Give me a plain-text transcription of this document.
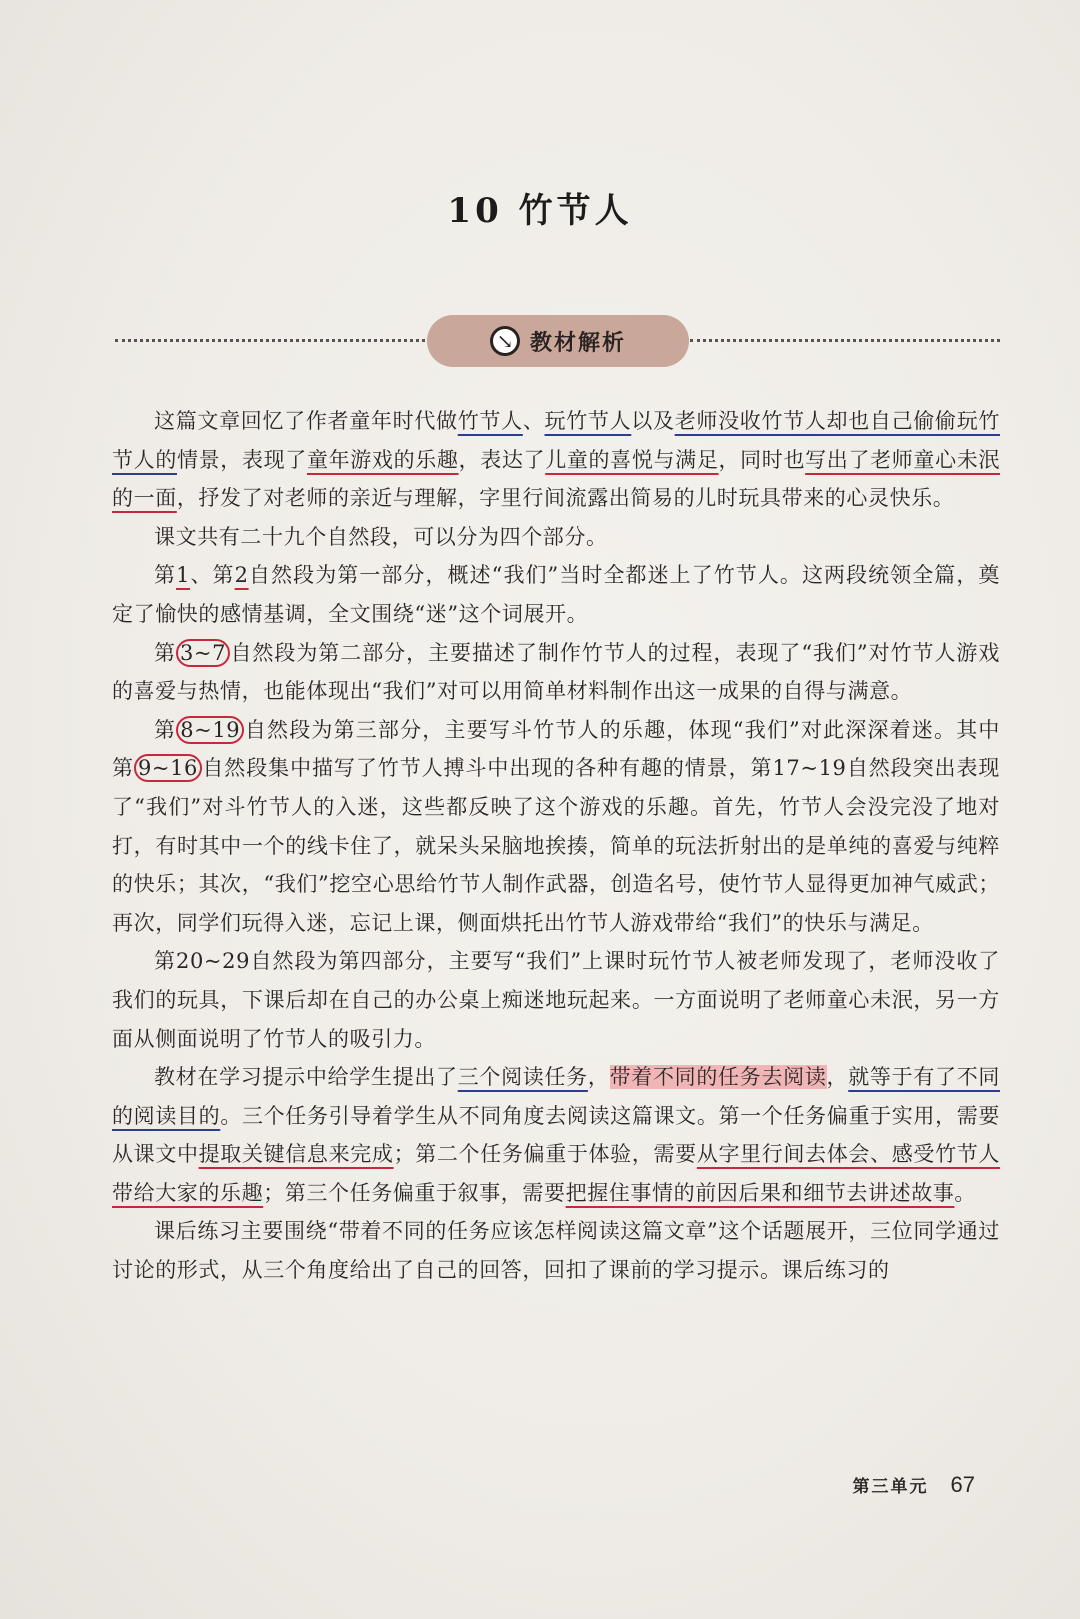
10 竹节人
↘ 教材解析

这篇文章回忆了作者童年时代做竹节人、玩竹节人以及老师没收竹节人却也自己偷偷玩竹节人的情景，表现了童年游戏的乐趣，表达了儿童的喜悦与满足，同时也写出了老师童心未泯的一面，抒发了对老师的亲近与理解，字里行间流露出简易的儿时玩具带来的心灵快乐。

课文共有二十九个自然段，可以分为四个部分。

第1、第2自然段为第一部分，概述“我们”当时全都迷上了竹节人。这两段统领全篇，奠定了愉快的感情基调，全文围绕“迷”这个词展开。

第 3~7 自然段为第二部分，主要描述了制作竹节人的过程，表现了“我们”对竹节人游戏的喜爱与热情，也能体现出“我们”对可以用简单材料制作出这一成果的自得与满意。

第 8~19 自然段为第三部分，主要写斗竹节人的乐趣，体现“我们”对此深深着迷。其中第 9~16 自然段集中描写了竹节人搏斗中出现的各种有趣的情景，第17~19自然段突出表现了“我们”对斗竹节人的入迷，这些都反映了这个游戏的乐趣。首先，竹节人会没完没了地对打，有时其中一个的线卡住了，就呆头呆脑地挨揍，简单的玩法折射出的是单纯的喜爱与纯粹的快乐；其次，“我们”挖空心思给竹节人制作武器，创造名号，使竹节人显得更加神气威武；再次，同学们玩得入迷，忘记上课，侧面烘托出竹节人游戏带给“我们”的快乐与满足。

第20~29自然段为第四部分，主要写“我们”上课时玩竹节人被老师发现了，老师没收了我们的玩具，下课后却在自己的办公桌上痴迷地玩起来。一方面说明了老师童心未泯，另一方面从侧面说明了竹节人的吸引力。

教材在学习提示中给学生提出了三个阅读任务，带着不同的任务去阅读，就等于有了不同的阅读目的。三个任务引导着学生从不同角度去阅读这篇课文。第一个任务偏重于实用，需要从课文中提取关键信息来完成；第二个任务偏重于体验，需要从字里行间去体会、感受竹节人带给大家的乐趣；第三个任务偏重于叙事，需要把握住事情的前因后果和细节去讲述故事。

课后练习主要围绕“带着不同的任务应该怎样阅读这篇文章”这个话题展开，三位同学通过讨论的形式，从三个角度给出了自己的回答，回扣了课前的学习提示。课后练习的

第三单元 67
